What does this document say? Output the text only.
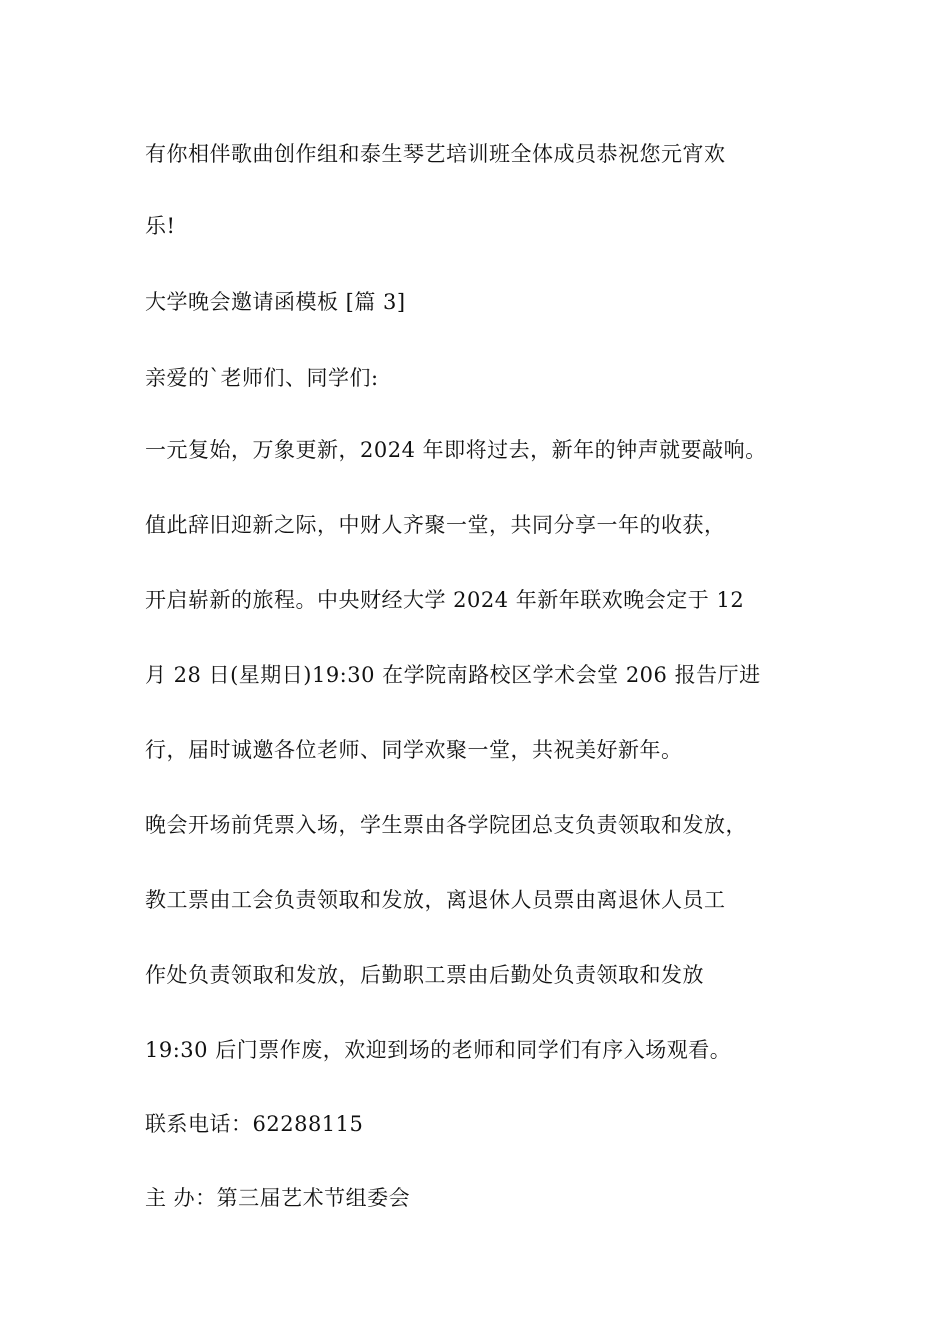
有你相伴歌曲创作组和泰生琴艺培训班全体成员恭祝您元宵欢
乐!
大学晚会邀请函模板 [篇 3]
亲爱的`老师们、同学们:
一元复始，万象更新，2024 年即将过去，新年的钟声就要敲响。
值此辞旧迎新之际，中财人齐聚一堂，共同分享一年的收获，
开启崭新的旅程。中央财经大学 2024 年新年联欢晚会定于 12
月 28 日(星期日)19:30 在学院南路校区学术会堂 206 报告厅进
行，届时诚邀各位老师、同学欢聚一堂，共祝美好新年。
晚会开场前凭票入场，学生票由各学院团总支负责领取和发放，
教工票由工会负责领取和发放，离退休人员票由离退休人员工
作处负责领取和发放，后勤职工票由后勤处负责领取和发放
19:30 后门票作废，欢迎到场的老师和同学们有序入场观看。
联系电话：62288115
主 办：第三届艺术节组委会
